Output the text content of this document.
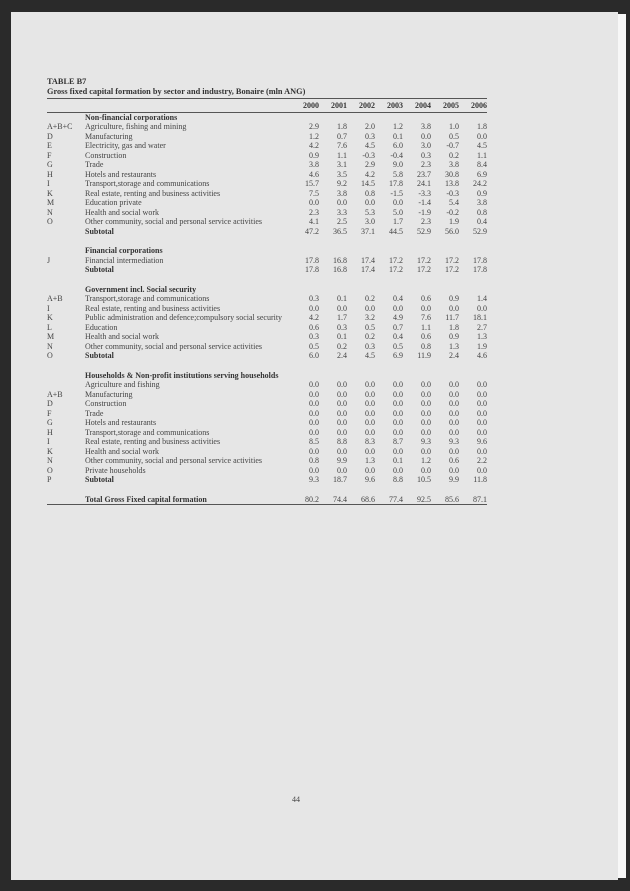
TABLE B7
Gross fixed capital formation by sector and industry, Bonaire (mln ANG)
		2000	2001	2002	2003	2004	2005	2006
	Non-financial corporations							
A+B+C	Agriculture, fishing and mining	2.9	1.8	2.0	1.2	3.8	1.0	1.8
D	Manufacturing	1.2	0.7	0.3	0.1	0.0	0.5	0.0
E	Electricity, gas and water	4.2	7.6	4.5	6.0	3.0	-0.7	4.5
F	Construction	0.9	1.1	-0.3	-0.4	0.3	0.2	1.1
G	Trade	3.8	3.1	2.9	9.0	2.3	3.8	8.4
H	Hotels and restaurants	4.6	3.5	4.2	5.8	23.7	30.8	6.9
I	Transport,storage and communications	15.7	9.2	14.5	17.8	24.1	13.8	24.2
K	Real estate, renting and business activities	7.5	3.8	0.8	-1.5	-3.3	-0.3	0.9
M	Education private	0.0	0.0	0.0	0.0	-1.4	5.4	3.8
N	Health and social work	2.3	3.3	5.3	5.0	-1.9	-0.2	0.8
O	Other community, social and personal service activities	4.1	2.5	3.0	1.7	2.3	1.9	0.4
	Subtotal	47.2	36.5	37.1	44.5	52.9	56.0	52.9

	Financial corporations							
J	Financial intermediation	17.8	16.8	17.4	17.2	17.2	17.2	17.8
	Subtotal	17.8	16.8	17.4	17.2	17.2	17.2	17.8

	Government incl. Social security							
A+B	Transport,storage and communications	0.3	0.1	0.2	0.4	0.6	0.9	1.4
I	Real estate, renting and business activities	0.0	0.0	0.0	0.0	0.0	0.0	0.0
K	Public administration and defence;compulsory social security	4.2	1.7	3.2	4.9	7.6	11.7	18.1
L	Education	0.6	0.3	0.5	0.7	1.1	1.8	2.7
M	Health and social work	0.3	0.1	0.2	0.4	0.6	0.9	1.3
N	Other community, social and personal service activities	0.5	0.2	0.3	0.5	0.8	1.3	1.9
O	Subtotal	6.0	2.4	4.5	6.9	11.9	2.4	4.6

	Households & Non-profit institutions serving households							
	Agriculture and fishing	0.0	0.0	0.0	0.0	0.0	0.0	0.0
A+B	Manufacturing	0.0	0.0	0.0	0.0	0.0	0.0	0.0
D	Construction	0.0	0.0	0.0	0.0	0.0	0.0	0.0
F	Trade	0.0	0.0	0.0	0.0	0.0	0.0	0.0
G	Hotels and restaurants	0.0	0.0	0.0	0.0	0.0	0.0	0.0
H	Transport,storage and communications	0.0	0.0	0.0	0.0	0.0	0.0	0.0
I	Real estate, renting and business activities	8.5	8.8	8.3	8.7	9.3	9.3	9.6
K	Health and social work	0.0	0.0	0.0	0.0	0.0	0.0	0.0
N	Other community, social and personal service activities	0.8	9.9	1.3	0.1	1.2	0.6	2.2
O	Private households	0.0	0.0	0.0	0.0	0.0	0.0	0.0
P	Subtotal	9.3	18.7	9.6	8.8	10.5	9.9	11.8

	Total Gross Fixed capital formation	80.2	74.4	68.6	77.4	92.5	85.6	87.1
44
